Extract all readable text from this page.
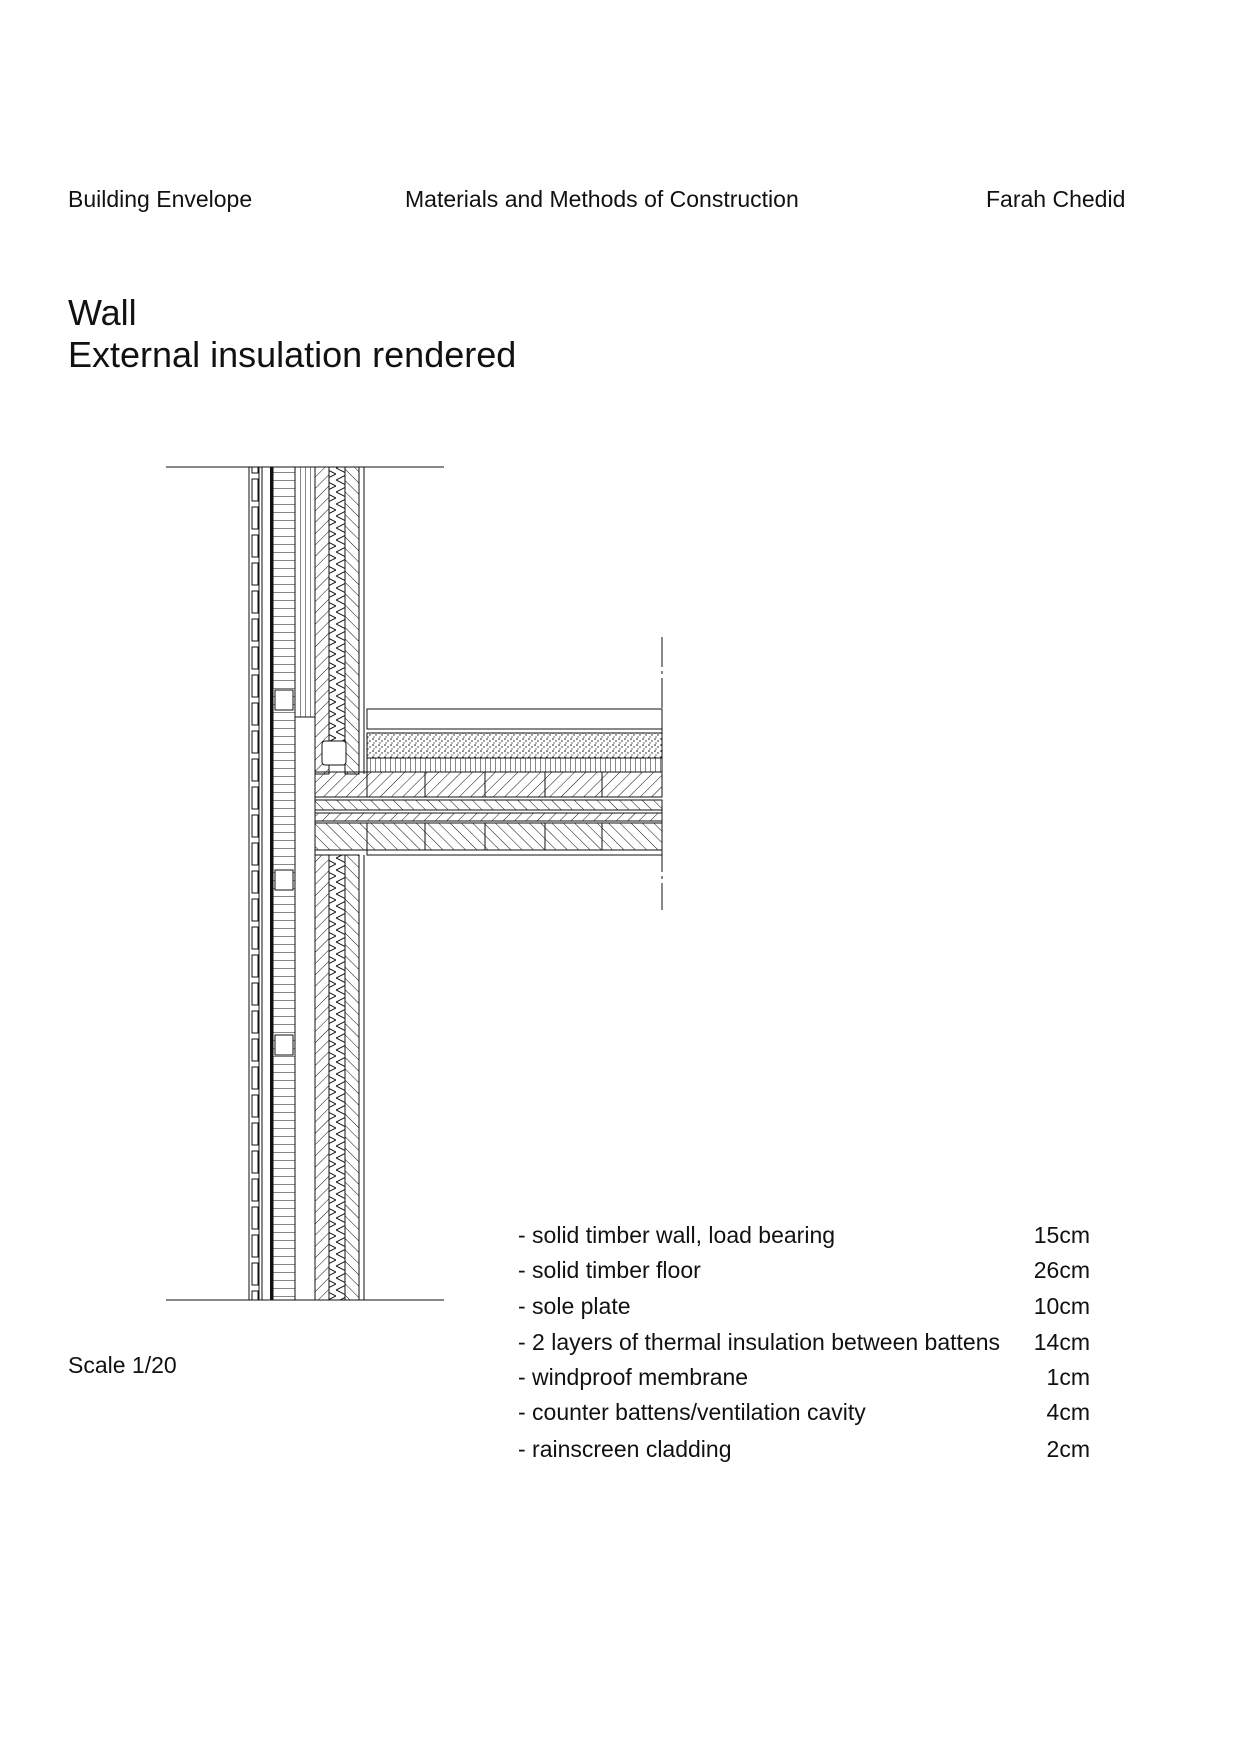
Building Envelope	Materials and Methods of Construction	Farah Chedid
Wall
External insulation rendered
Scale 1/20
- solid timber wall, load bearing	15cm
- solid timber floor	26cm
- sole plate	10cm
- 2 layers of thermal insulation between battens 14cm
- windproof membrane	1cm
- counter battens/ventilation cavity	4cm
- rainscreen cladding	2cm
